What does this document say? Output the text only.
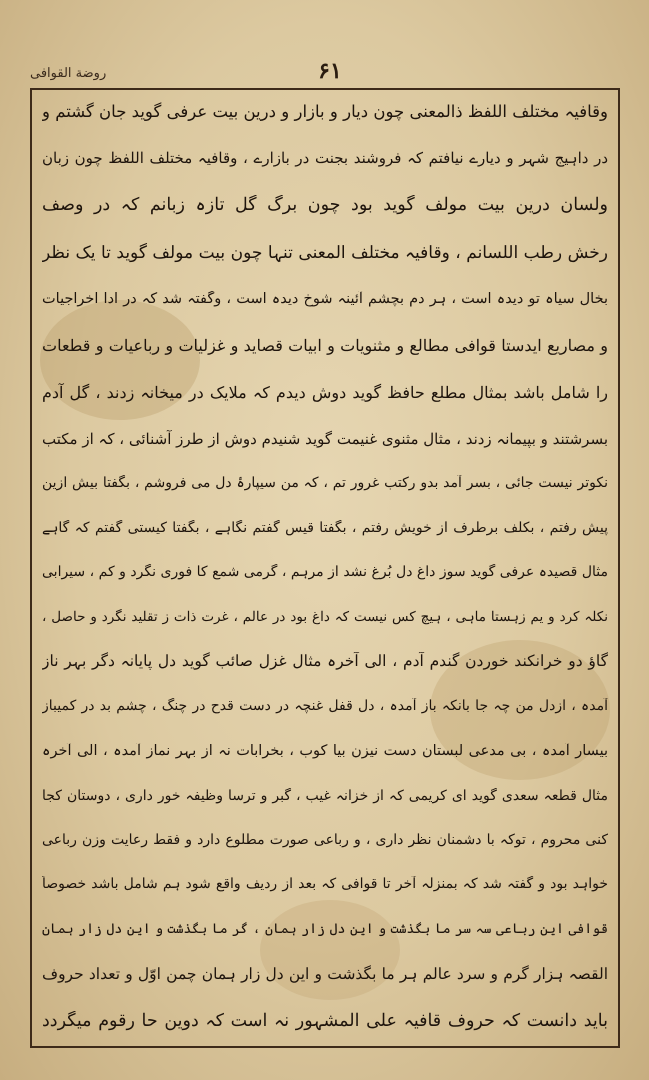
روضة القوافی	۶۱
وقافیہ مختلف اللفظ ذالمعنی چون دیار و بازار و درین بیت عرفی گوید جان گشتم و
در داہیج شہر و دیارے نیافتم کہ فروشند بجنت در بازارے ، وقافیہ مختلف اللفظ چون زبان
ولسان درین بیت مولف گوید بود چون برگ گل تازہ زبانم کہ در وصف
رخش رطب اللسانم ، وقافیہ مختلف المعنی تنہا چون بیت مولف گوید تا یک نظر
بخال سیاہ تو دیدہ است ، ہر دم بچشم آئینہ شوخ دیدہ است ، وگفتہ شد کہ در ادا اخراجیات
و مصاریع ایدستا قوافی مطالع و مثنویات و ابیات قصاید و غزلیات و رباعیات و قطعات
را شامل باشد بمثال مطلع حافظ گوید دوش دیدم کہ ملایک در میخانہ زدند ، گل آدم
بسرشتند و بپیمانہ زدند ، مثال مثنوی غنیمت گوید شنیدم دوش از طرز آشنائی ، کہ از مکتب
نکوتر نیست جائی ، بسر آمد بدو رکتب غرور تم ، کہ من سیپارۂ دل می فروشم ، بگفتا بیش ازین
پیش رفتم ، بکلف برطرف از خویش رفتم ، بگفتا قیس گفتم نگاہے ، بگفتا کیستی گفتم کہ گاہے
مثال قصیدہ عرفی گوید سوز داغ دل بُرغ نشد از مرہم ، گرمی شمع کا فوری نگرد و کم ، سیرابی
نکلہ کرد و یم زہستا ماہی ، ہیچ کس نیست کہ داغ بود در عالم ، غرت ذات ز تقلید نگرد و حاصل ،
گاؤ دو خرانکند خوردن گندم آدم ، الی آخرہ مثال غزل صائب گوید دل پایانہ دگر بہر ناز
آمدہ ، ازدل من چہ جا بانکہ باز آمدہ ، دل قفل غنچہ در دست قدح در چنگ ، چشم بد در کمیباز
بیسار آمدہ ، بی مدعی لبستان دست نیزن بیا کوب ، بخرابات نہ از بہر نماز آمدہ ، الی آخرہ
مثال قطعہ سعدی گوید ای کریمی کہ از خزانہ غیب ، گبر و ترسا وظیفہ خور داری ، دوستان کجا
کنی محروم ، توکہ با دشمنان نظر داری ، و رباعی صورت مطلوع دارد و فقط رعایت وزن رباعی
خواہد بود و گفتہ شد کہ بمنزلہ آخر تا قوافی کہ بعد از ردیف واقع شود ہم شامل باشد خصوصاً
قوافی این رباعی سہ سر ما بگذشت و این دل زار ہمان ، گر ما بگذشت و این دل زار ہمان
القصہ ہزار گرم و سرد عالم ہر ما بگذشت و این دل زار ہمان چمن اوّل و تعداد حروف
باید دانست کہ حروف قافیہ علی المشہور نہ است کہ دوین حا رقوم میگردد
